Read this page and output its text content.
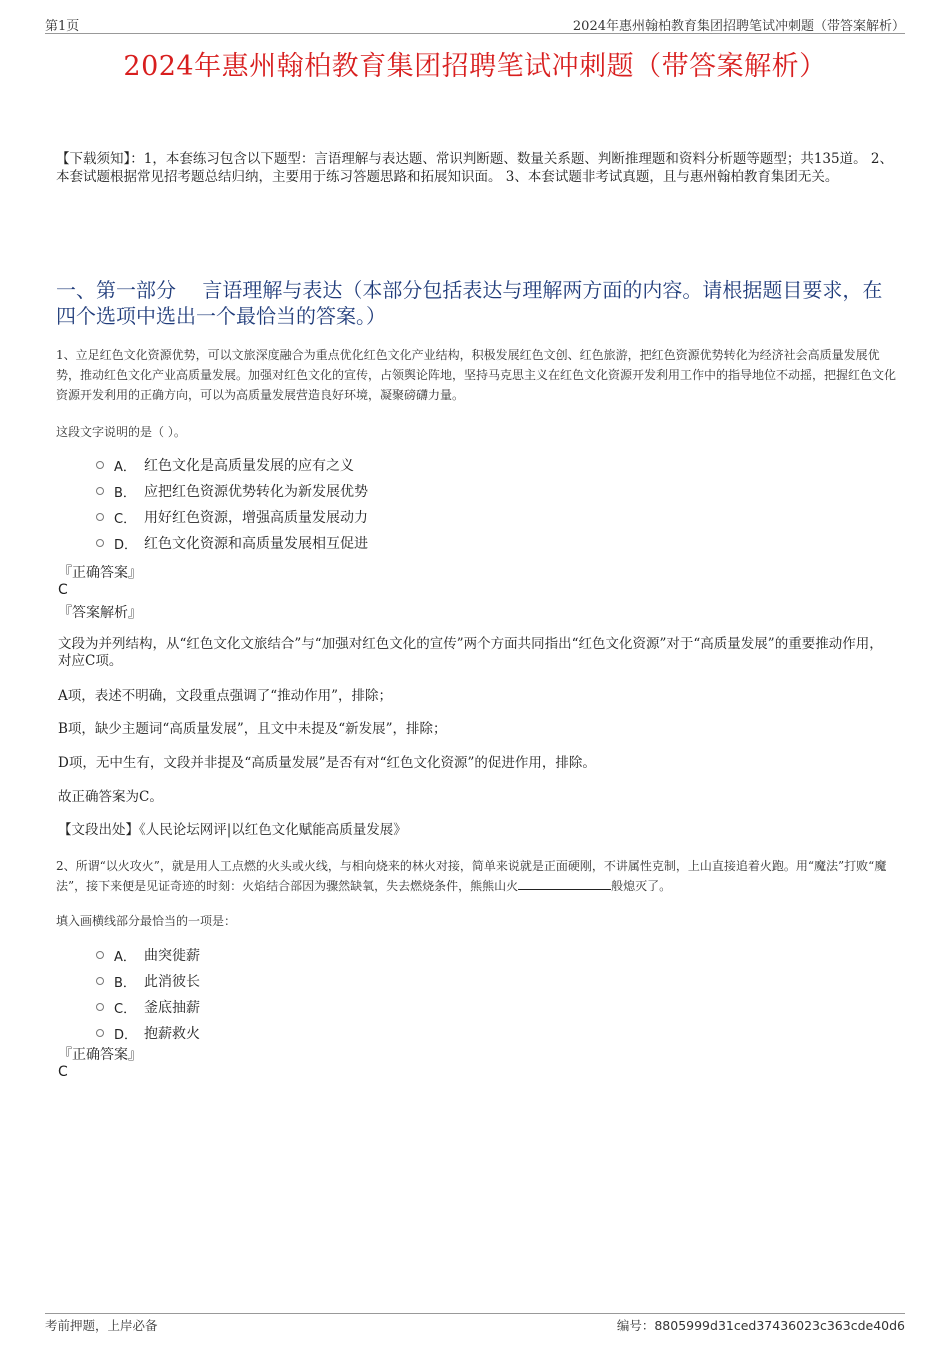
第1页	2024年惠州翰柏教育集团招聘笔试冲刺题（带答案解析）
2024年惠州翰柏教育集团招聘笔试冲刺题（带答案解析）
【下载须知】：1，本套练习包含以下题型：言语理解与表达题、常识判断题、数量关系题、判断推理题和资料分析题等题型；共135道。 2、本套试题根据常见招考题总结归纳，主要用于练习答题思路和拓展知识面。 3、本套试题非考试真题，且与惠州翰柏教育集团无关。
一、第一部分　 言语理解与表达（本部分包括表达与理解两方面的内容。请根据题目要求，在四个选项中选出一个最恰当的答案。）
1、立足红色文化资源优势，可以文旅深度融合为重点优化红色文化产业结构，积极发展红色文创、红色旅游，把红色资源优势转化为经济社会高质量发展优势，推动红色文化产业高质量发展。加强对红色文化的宣传，占领舆论阵地，坚持马克思主义在红色文化资源开发利用工作中的指导地位不动摇，把握红色文化资源开发利用的正确方向，可以为高质量发展营造良好环境，凝聚磅礴力量。
这段文字说明的是（ ）。
A． 红色文化是高质量发展的应有之义
B． 应把红色资源优势转化为新发展优势
C． 用好红色资源，增强高质量发展动力
D． 红色文化资源和高质量发展相互促进
『正确答案』
C
『答案解析』
文段为并列结构，从“红色文化文旅结合”与“加强对红色文化的宣传”两个方面共同指出“红色文化资源”对于“高质量发展”的重要推动作用，对应C项。
A项，表述不明确，文段重点强调了“推动作用”，排除；
B项，缺少主题词“高质量发展”，且文中未提及“新发展”，排除；
D项，无中生有，文段并非提及“高质量发展”是否有对“红色文化资源”的促进作用，排除。
故正确答案为C。
【文段出处】《人民论坛网评|以红色文化赋能高质量发展》
2、所谓“以火攻火”，就是用人工点燃的火头或火线，与相向烧来的林火对接，简单来说就是正面硬刚，不讲属性克制，上山直接追着火跑。用“魔法”打败“魔法”，接下来便是见证奇迹的时刻：火焰结合部因为骤然缺氧，失去燃烧条件，熊熊山火	般熄灭了。
填入画横线部分最恰当的一项是：
A． 曲突徙薪
B． 此消彼长
C． 釜底抽薪
D． 抱薪救火
『正确答案』
C
考前押题，上岸必备	编号：8805999d31ced37436023c363cde40d6
